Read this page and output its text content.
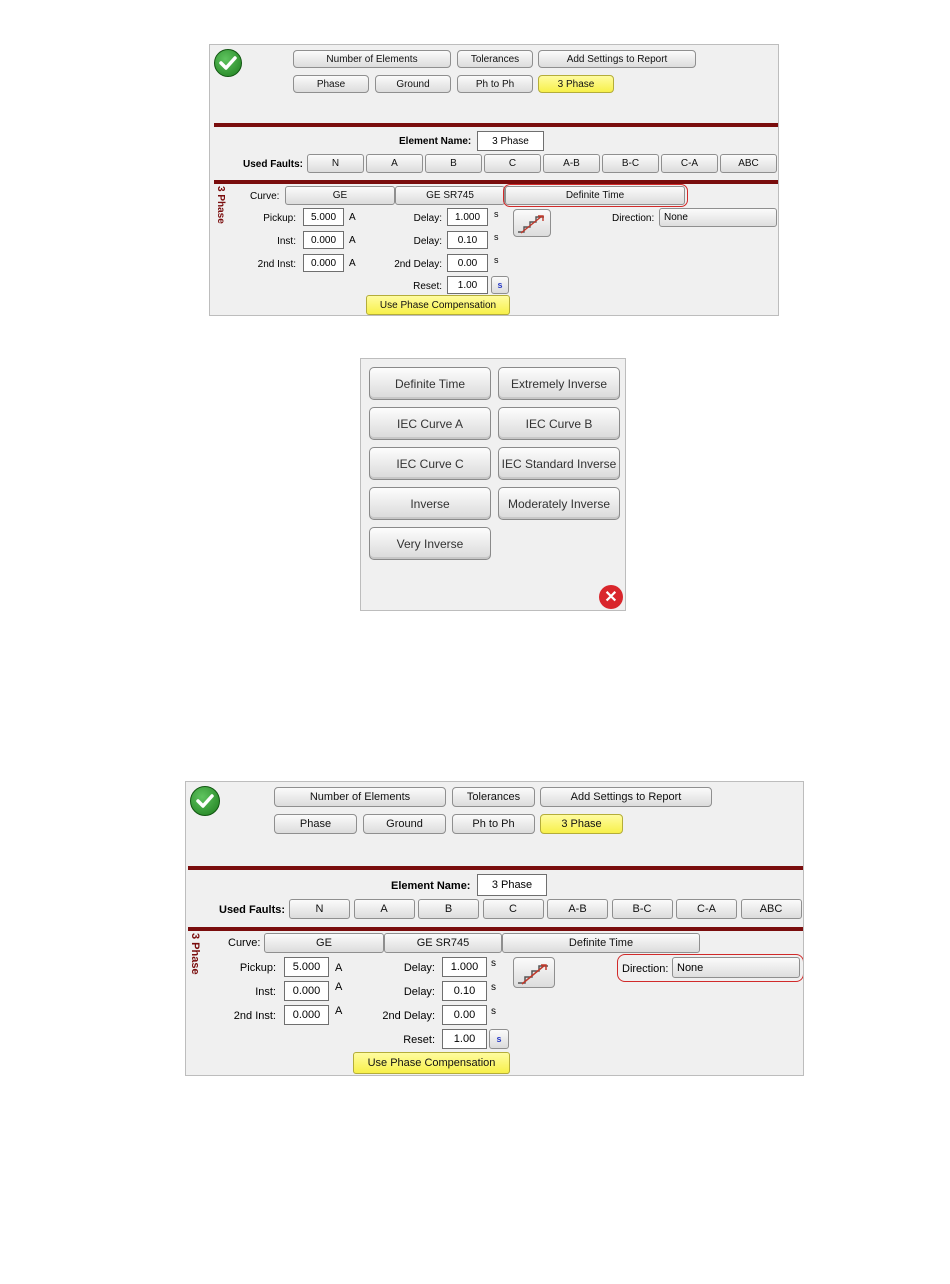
Number of Elements	Tolerances	Add Settings to Report
Phase	Ground	Ph to Ph	3 Phase
Element Name:	3 Phase
Used Faults:	N	A	B	C	A-B	B-C	C-A	ABC
3 Phase Curve:	GE	GE SR745	Definite Time
Pickup:	5.000	A
Inst:	0.000	A
2nd Inst:	0.000	A
Delay:	1.000	s
Delay:	0.10	s
2nd Delay:	0.00	s
Reset:	1.00	s
Direction: None
Use Phase Compensation
Definite Time	Extremely Inverse
IEC Curve A	IEC Curve B
IEC Curve C	IEC Standard Inverse
Inverse	Moderately Inverse
Very Inverse
✕
Number of Elements	Tolerances	Add Settings to Report
Phase	Ground	Ph to Ph	3 Phase
Element Name:	3 Phase
Used Faults:	N	A	B	C	A-B	B-C	C-A	ABC
3 Phase Curve:	GE	GE SR745	Definite Time
Pickup:	5.000	A
Inst:	0.000	A
2nd Inst:	0.000	A
Delay:	1.000	s
Delay:	0.10	s
2nd Delay:	0.00	s
Reset:	1.00	s
Direction: None
Use Phase Compensation
